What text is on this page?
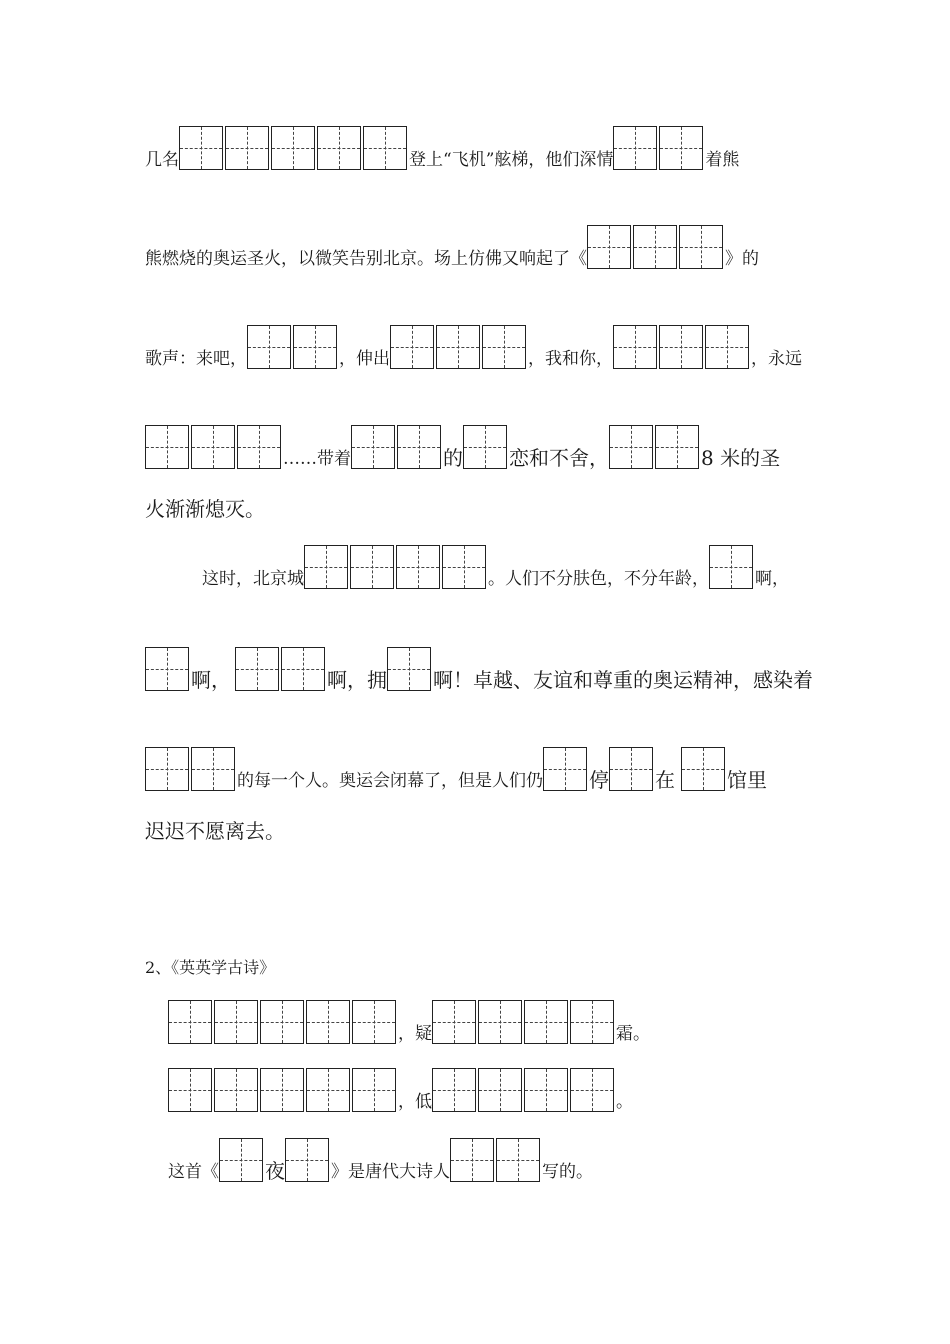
几名	登上“飞机”舷梯，他们深情	着熊
熊燃烧的奥运圣火，以微笑告别北京。场上仿佛又响起了《	》的
歌声：来吧，	，伸出	，我和你，	，永远
……带着	的 恋和不舍，	8 米的圣
火渐渐熄灭。
这时，北京城	。人们不分肤色，不分年龄，	啊，
啊，	啊，拥 啊！卓越、友谊和尊重的奥运精神，感染着
的每一个人。奥运会闭幕了，但是人们仍 停 在	馆里
迟迟不愿离去。
2、《英英学古诗》
，疑	霜。
，低	。
这首《 夜	》是唐代大诗人	写的。
